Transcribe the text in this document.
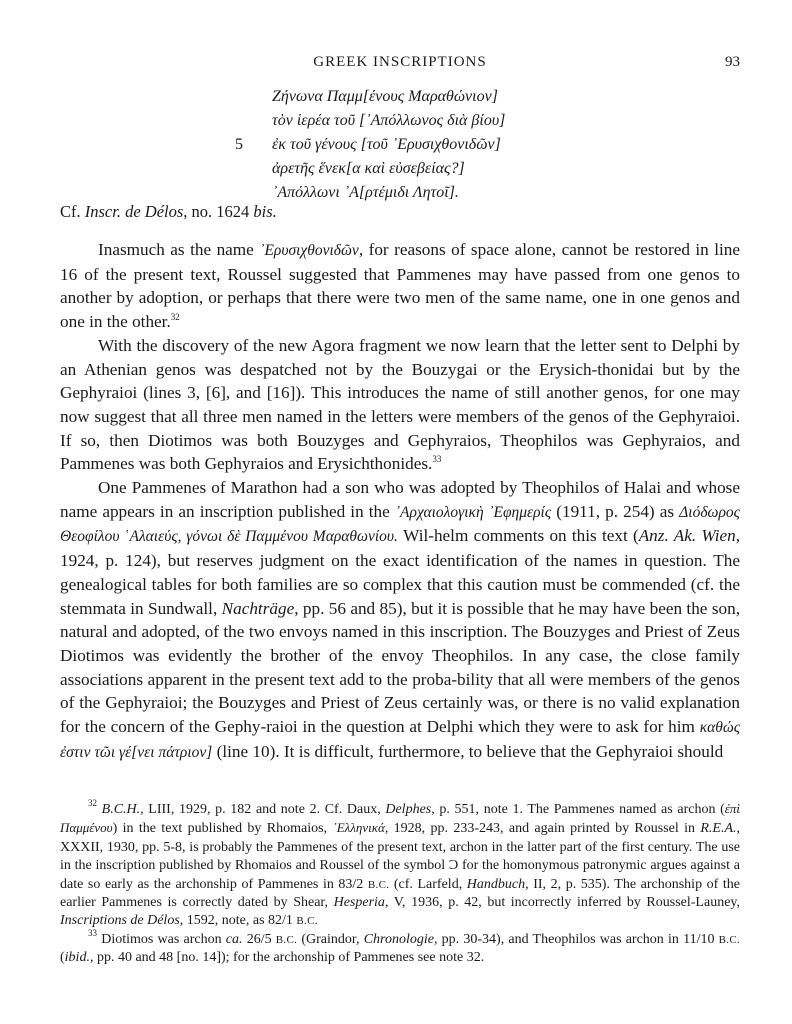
GREEK INSCRIPTIONS	93
Ζήνωνα Παμμ[ένους Μαραθώνιον]
τὸν ἱερέα τοῦ [᾽Απόλλωνος διὰ βίου]
5 ἐκ τοῦ γένους [τοῦ ᾽Ερυσιχθονιδῶν]
ἀρετῆς ἕνεκ[α καὶ εὐσεβείας?]
᾽Απόλλωνι ᾽Α[ρτέμιδι Λητοῖ].
Cf. Inscr. de Délos, no. 1624 bis.

Inasmuch as the name ᾽Ερυσιχθονιδῶν, for reasons of space alone, cannot be restored in line 16 of the present text, Roussel suggested that Pammenes may have passed from one genos to another by adoption, or perhaps that there were two men of the same name, one in one genos and one in the other.$^{32}$

With the discovery of the new Agora fragment we now learn that the letter sent to Delphi by an Athenian genos was despatched not by the Bouzygai or the Erysich-thonidai but by the Gephyraioi (lines 3, [6], and [16]). This introduces the name of still another genos, for one may now suggest that all three men named in the letters were members of the genos of the Gephyraioi. If so, then Diotimos was both Bouzyges and Gephyraios, Theophilos was Gephyraios, and Pammenes was both Gephyraios and Erysichthonides.$^{33}$

One Pammenes of Marathon had a son who was adopted by Theophilos of Halai and whose name appears in an inscription published in the ᾽Αρχαιολογικὴ ᾽Εφημερίς (1911, p. 254) as Διόδωρος Θεοφίλου ῾Αλαιεύς, γόνωι δὲ Παμμένου Μαραθωνίου. Wil-helm comments on this text (Anz. Ak. Wien, 1924, p. 124), but reserves judgment on the exact identification of the names in question. The genealogical tables for both families are so complex that this caution must be commended (cf. the stemmata in Sundwall, Nachträge, pp. 56 and 85), but it is possible that he may have been the son, natural and adopted, of the two envoys named in this inscription. The Bouzyges and Priest of Zeus Diotimos was evidently the brother of the envoy Theophilos. In any case, the close family associations apparent in the present text add to the proba-bility that all were members of the genos of the Gephyraioi; the Bouzyges and Priest of Zeus certainly was, or there is no valid explanation for the concern of the Gephy-raioi in the question at Delphi which they were to ask for him καθώς ἐστιν τῶι γέ[νει πάτριον] (line 10). It is difficult, furthermore, to believe that the Gephyraioi should

$^{32}$ B.C.H., LIII, 1929, p. 182 and note 2. Cf. Daux, Delphes, p. 551, note 1. The Pammenes named as archon (ἐπὶ Παμμένου) in the text published by Rhomaios, ᾽Ελληνικά, 1928, pp. 233-243, and again printed by Roussel in R.E.A., XXXII, 1930, pp. 5-8, is probably the Pammenes of the present text, archon in the latter part of the first century. The use in the inscription published by Rhomaios and Roussel of the symbol Ͻ for the homonymous patronymic argues against a date so early as the archonship of Pammenes in 83/2 B.C. (cf. Larfeld, Handbuch, II, 2, p. 535). The archonship of the earlier Pammenes is correctly dated by Shear, Hesperia, V, 1936, p. 42, but incorrectly inferred by Roussel-Launey, Inscriptions de Délos, 1592, note, as 82/1 B.C.

$^{33}$ Diotimos was archon ca. 26/5 B.C. (Graindor, Chronologie, pp. 30-34), and Theophilos was archon in 11/10 B.C. (ibid., pp. 40 and 48 [no. 14]); for the archonship of Pammenes see note 32.
